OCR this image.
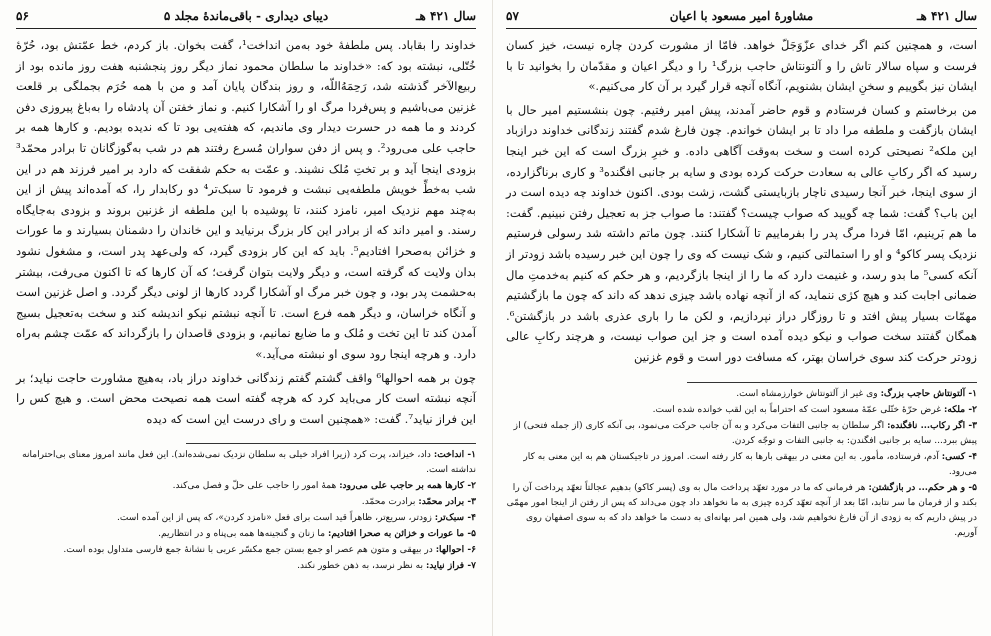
سال ۴۲۱ هـ
دیبای دیداری - باقی‌ماندهٔ مجلد ۵
۵۶

خداوند را بقاباد. پس ملطفهٔ خود به‌من انداخت¹، گفت بخوان. باز کردم، خط عمّتش بود، حُرّهٔ خُتّلی، نبشته بود که: «خداوند ما سلطان محمود نماز دیگر روز پنجشنبه هفت روز مانده بود از ربیع‌الآخر گذشته شد، رَحِمَهُ‌اللّه، و روز بندگان پایان آمد و من با همه حُرَم بجملگی بر قلعت غزنین می‌باشیم و پس‌فردا مرگ او را آشکارا کنیم. و نماز خفتن آن پادشاه را به‌باغ پیروزی دفن کردند و ما همه در حسرت دیدار وی ماندیم، که هفته‌یی بود تا که ندیده بودیم. و کارها همه بر حاجب علی می‌رود². و پس از دفن سواران مُسرع رفتند هم در شب به‌گوزگانان تا برادر محمّد³ بزودی اینجا آید و بر تختِ مُلک نشیند. و عمّت به حکم شفقت که دارد بر امیر فرزند هم در این شب به‌خطِّ خویش ملطفه‌یی نبشت و فرمود تا سبک‌تر⁴ دو رکابدار را، که آمده‌اند پیش از این به‌چند مهم نزدیک امیر، نامزد کنند، تا پوشیده با این ملطفه از غزنین بروند و بزودی به‌جایگاه رسند. و امیر داند که از برادر این کار بزرگ برنیاید و این خاندان را دشمنان بسیارند و ما عورات و خزائن به‌صحرا افتادیم⁵. باید که این کار بزودی گیرد، که ولی‌عهد پدر است، و مشغول نشود بدان ولایت که گرفته است، و دیگر ولایت بتوان گرفت؛ که آن کارها که تا اکنون می‌رفت، بیشتر به‌حشمت پدر بود، و چون خبر مرگ او آشکارا گردد کارها از لونی دیگر گردد. و اصل غزنین است و آنگاه خراسان، و دیگر همه فرع است. تا آنچه نبشتم نیکو اندیشه کند و سخت به‌تعجیل بسیج آمدن کند تا این تخت و مُلک و ما ضایع نمانیم، و بزودی قاصدان را بازگرداند که عمّت چشم به‌راه دارد. و هرچه اینجا رود سوی او نبشته می‌آید.»

چون بر همه احوالها⁶ واقف گشتم گفتم زندگانی خداوند دراز باد، به‌هیچ مشاورت حاجت نیاید؛ بر آنچه نبشته است کار می‌باید کرد که هرچه گفته است همه نصیحت محض است. و هیچ کس را این فراز نیاید⁷. گفت: «همچنین است و رای درست این است که دیده

۱- انداخت: داد، خیزاند، پرت کرد (زیرا افراد خیلی به سلطان نزدیک نمی‌شده‌اند). این فعل مانند امروز معنای بی‌احترامانه نداشته است.
۲- کارها همه بر حاجب علی می‌رود: همهٔ امور را حاجب علی حلّ و فصل می‌کند.
۳- برادر محمّد: برادرت محمّد.
۴- سبک‌تر: زودتر، سریع‌تر، ظاهراً قید است برای فعل «نامزد کردن»، که پس از این آمده است.
۵- ما عورات و خزائن به صحرا افتادیم: ما زنان و گنجینه‌ها همه بی‌پناه و در انتظاریم.
۶- احوالها: در بیهقی و متون هم عصر او جمع بستن جمع مکسّر عربی با نشانهٔ جمع فارسی متداول بوده است.
۷- فراز نیاید: به نظر نرسد، به ذهن خطور نکند.
سال ۴۲۱ هـ
مشاورهٔ امیر مسعود با اعیان
۵۷

است، و همچنین کنم اگر خدای عزّوَجَلّ خواهد. فامّا از مشورت کردن چاره نیست، خیز کسان فرست و سپاه سالار تاش را و آلتونتاش حاجب بزرگ¹ را و دیگر اعیان و مقدّمان را بخوانید تا با ایشان نیز بگوییم و سخنِ ایشان بشنویم، آنگاه آنچه قرار گیرد بر آن کار می‌کنیم.»

من برخاستم و کسان فرستادم و قوم حاضر آمدند، پیش امیر رفتیم. چون بنشستیم امیر حال با ایشان بازگفت و ملطفه مرا داد تا بر ایشان خواندم. چون فارغ شدم گفتند زندگانی خداوند درازباد این ملکه² نصیحتی کرده است و سخت به‌وقت آگاهی داده. و خبرِ بزرگ است که این خبر اینجا رسید که اگر رکابِ عالی به سعادت حرکت کرده بودی و سایه بر جانبی افگنده³ و کاری برناگزارده، از سوی اینجا، خبر آنجا رسیدی ناچار بازبایستی گشت، زشت بودی. اکنون خداوند چه دیده است در این باب؟ گفت: شما چه گویید که صواب چیست؟ گفتند: ما صواب جز به تعجیل رفتن نبینیم. گفت: ما هم بَرینیم، امّا فردا مرگ پدر را بفرماییم تا آشکارا کنند. چون ماتم داشته شد رسولی فرستیم نزدیک پسر کاکو⁴ و او را استمالتی کنیم، و شک نیست که وی را چون این خبر رسیده باشد زودتر از آنکه کسی⁵ ما بدو رسد، و غنیمت دارد که ما را از اینجا بازگردیم، و هر حکم که کنیم به‌خدمتِ مال ضمانی اجابت کند و هیچ کژی ننماید، که از آنچه نهاده باشد چیزی ندهد که داند که چون ما بازگشتیم مهمّات بسیار پیش افتد و تا روزگار دراز نپردازیم، و لکن ما را باری عذری باشد در بازگشتن⁶. همگان گفتند سخت صواب و نیکو دیده آمده است و جز این صواب نیست، و هرچند رکابِ عالی زودتر حرکت کند سوی خراسان بهتر، که مسافت دور است و قوم غزنین

۱- آلتونتاش حاجب بزرگ: وی غیر از آلتونتاش خوارزمشاه است.
۲- ملکه: غرض حرّهٔ ختّلی عمّهٔ مسعود است که احتراماً به این لقب خوانده شده است.
۳- اگر رکاب... نافگنده: اگر سلطان به جانبی التفات می‌کرد و به آن جانب حرکت می‌نمود، بی آنکه کاری (از جمله فتحی) از پیش ببرد... سایه بر جانبی افگندن: به جانبی التفات و توجّه کردن.
۴- کسی: آدم، فرستاده، مأمور. به این معنی در بیهقی بارها به کار رفته است. امروز در تاجیکستان هم به این معنی به کار می‌رود.
۵- و هر حکم... در بازگشتن: هر فرمانی که ما در مورد تعهّد پرداخت مال به وی (پسر کاکو) بدهیم عجالتاً تعهّد پرداخت آن را بکند و از فرمان ما سر نتابد، امّا بعد از آنچه تعهّد کرده چیزی به ما نخواهد داد چون می‌داند که پس از رفتن از اینجا امور مهمّی در پیش داریم که به زودی از آن فارغ نخواهیم شد، ولی همین امر بهانه‌ای به دست ما خواهد داد که به سوی اصفهان روی آوریم.
